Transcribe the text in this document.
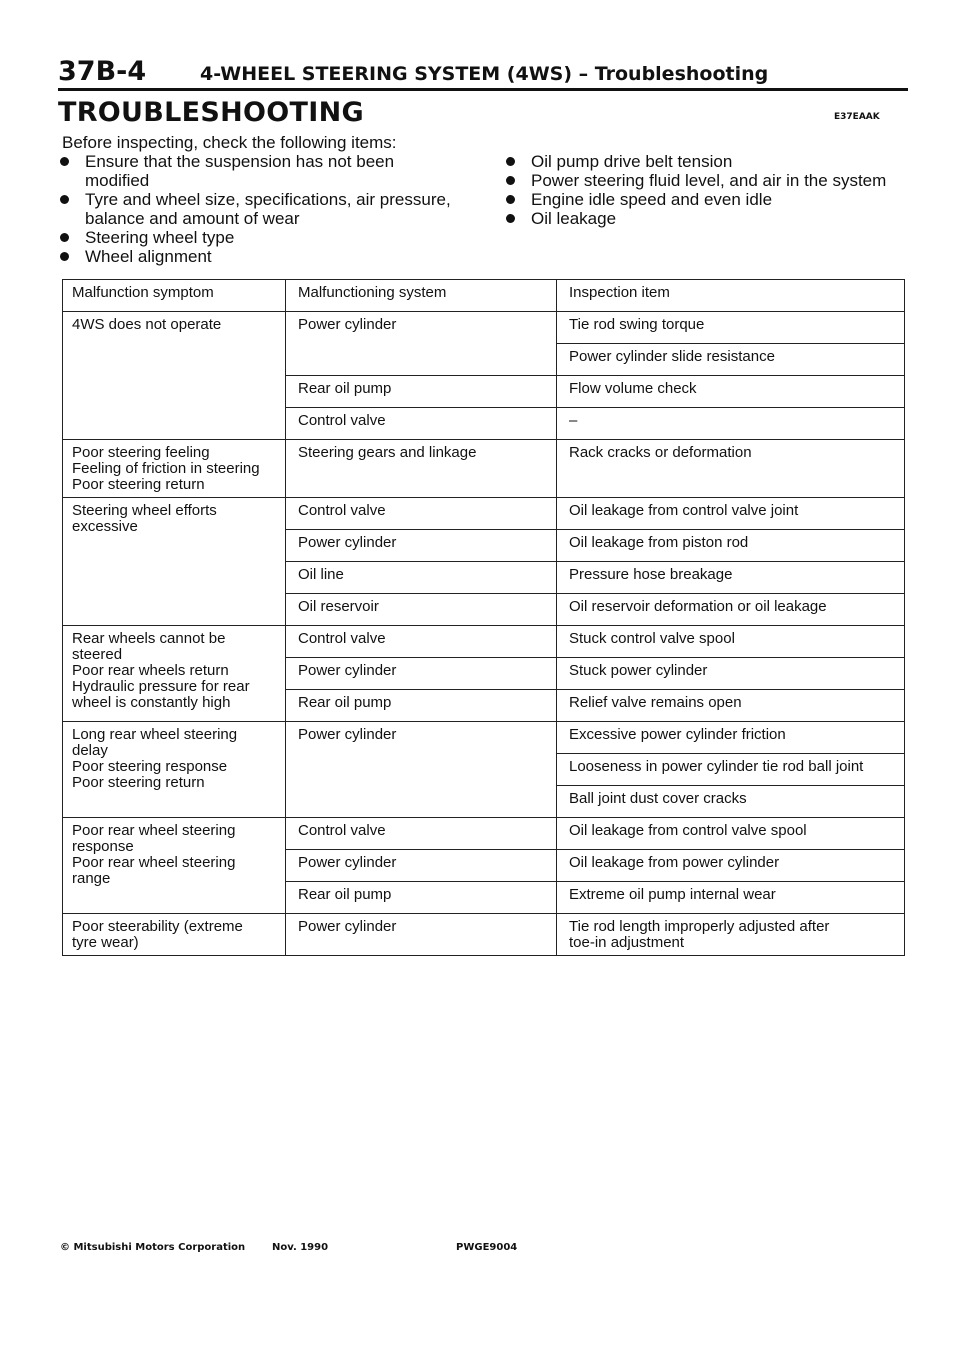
37B-4	4-WHEEL STEERING SYSTEM (4WS) – Troubleshooting
TROUBLESHOOTING	E37EAAK
Before inspecting, check the following items:
Ensure that the suspension has not been modified
Tyre and wheel size, specifications, air pressure, balance and amount of wear
Steering wheel type
Wheel alignment
Oil pump drive belt tension
Power steering fluid level, and air in the system
Engine idle speed and even idle
Oil leakage
Malfunction symptom	Malfunctioning system	Inspection item
4WS does not operate	Power cylinder	Tie rod swing torque
		Power cylinder slide resistance
	Rear oil pump	Flow volume check
	Control valve	–
Poor steering feeling
Feeling of friction in steering
Poor steering return	Steering gears and linkage	Rack cracks or deformation
Steering wheel efforts
excessive	Control valve	Oil leakage from control valve joint
	Power cylinder	Oil leakage from piston rod
	Oil line	Pressure hose breakage
	Oil reservoir	Oil reservoir deformation or oil leakage
Rear wheels cannot be
steered
Poor rear wheels return
Hydraulic pressure for rear
wheel is constantly high	Control valve	Stuck control valve spool
	Power cylinder	Stuck power cylinder
	Rear oil pump	Relief valve remains open
Long rear wheel steering
delay
Poor steering response
Poor steering return	Power cylinder	Excessive power cylinder friction
		Looseness in power cylinder tie rod ball joint
		Ball joint dust cover cracks
Poor rear wheel steering
response
Poor rear wheel steering
range	Control valve	Oil leakage from control valve spool
	Power cylinder	Oil leakage from power cylinder
	Rear oil pump	Extreme oil pump internal wear
Poor steerability (extreme
tyre wear)	Power cylinder	Tie rod length improperly adjusted after
toe-in adjustment
© Mitsubishi Motors Corporation	Nov. 1990	PWGE9004
